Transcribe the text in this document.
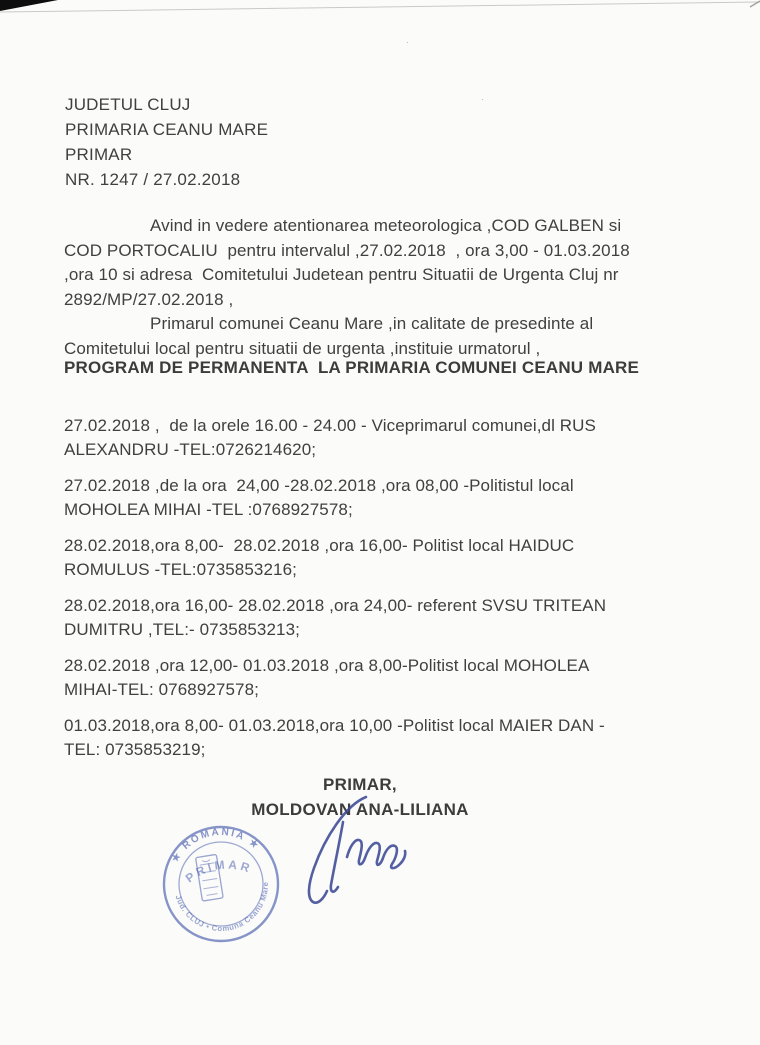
JUDETUL CLUJ
PRIMARIA CEANU MARE
PRIMAR
NR. 1247 / 27.02.2018
Avind in vedere atentionarea meteorologica ,COD GALBEN si
COD PORTOCALIU  pentru intervalul ,27.02.2018  , ora 3,00 - 01.03.2018
,ora 10 si adresa  Comitetului Judetean pentru Situatii de Urgenta Cluj nr
2892/MP/27.02.2018 ,
Primarul comunei Ceanu Mare ,in calitate de presedinte al
Comitetului local pentru situatii de urgenta ,instituie urmatorul ,
PROGRAM DE PERMANENTA  LA PRIMARIA COMUNEI CEANU MARE
27.02.2018 ,  de la orele 16.00 - 24.00 - Viceprimarul comunei,dl RUS
ALEXANDRU -TEL:0726214620;
27.02.2018 ,de la ora  24,00 -28.02.2018 ,ora 08,00 -Politistul local
MOHOLEA MIHAI -TEL :0768927578;
28.02.2018,ora 8,00-  28.02.2018 ,ora 16,00- Politist local HAIDUC
ROMULUS -TEL:0735853216;
28.02.2018,ora 16,00- 28.02.2018 ,ora 24,00- referent SVSU TRITEAN
DUMITRU ,TEL:- 0735853213;
28.02.2018 ,ora 12,00- 01.03.2018 ,ora 8,00-Politist local MOHOLEA
MIHAI-TEL: 0768927578;
01.03.2018,ora 8,00- 01.03.2018,ora 10,00 -Politist local MAIER DAN -
TEL: 0735853219;
PRIMAR,
MOLDOVAN ANA-LILIANA
★ ROMANIA ★
PRIMAR
Jud. CLUJ • Comuna Ceanu Mare
·
·
